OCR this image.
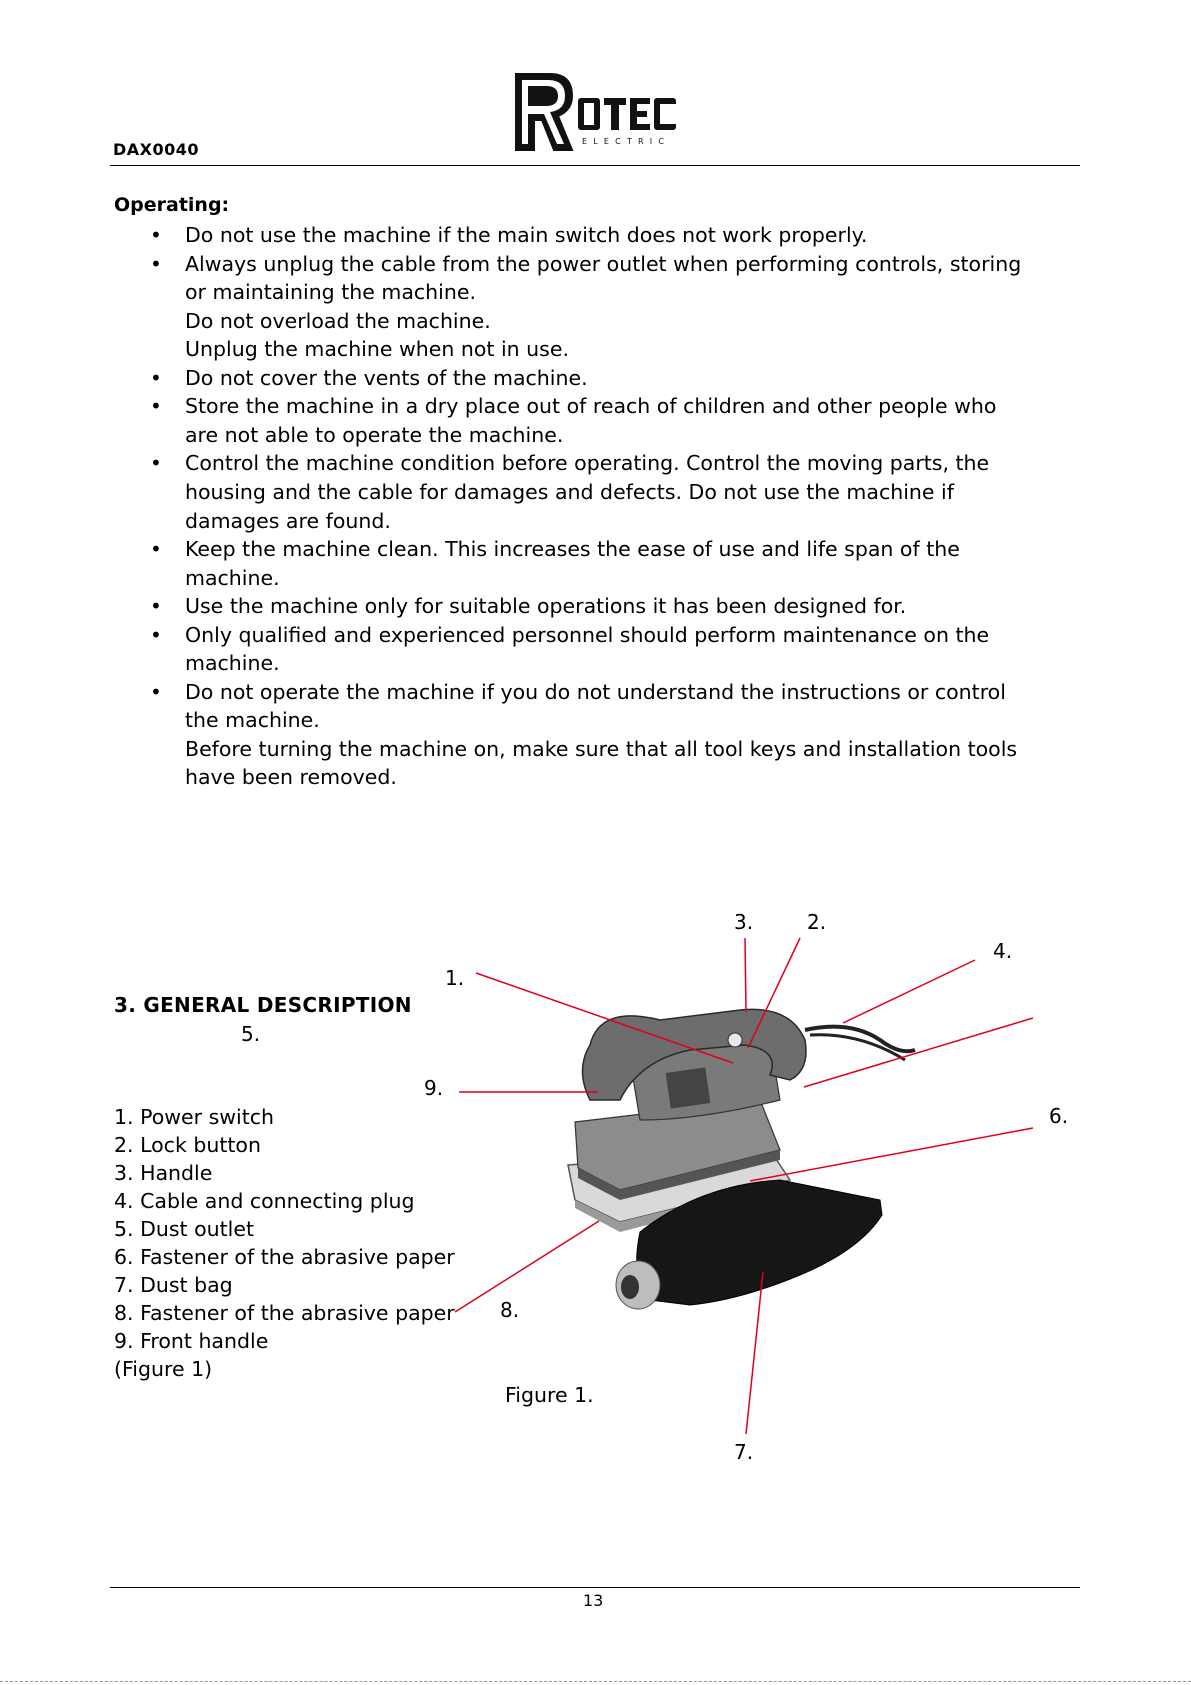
DAX0040	ELECTRIC
Operating:
• Do not use the machine if the main switch does not work properly.
• Always unplug the cable from the power outlet when performing controls, storing
or maintaining the machine.
Do not overload the machine.
Unplug the machine when not in use.
• Do not cover the vents of the machine.
• Store the machine in a dry place out of reach of children and other people who
are not able to operate the machine.
• Control the machine condition before operating. Control the moving parts, the
housing and the cable for damages and defects. Do not use the machine if
damages are found.
• Keep the machine clean. This increases the ease of use and life span of the
machine.
• Use the machine only for suitable operations it has been designed for.
• Only qualified and experienced personnel should perform maintenance on the
machine.
• Do not operate the machine if you do not understand the instructions or control
the machine.
Before turning the machine on, make sure that all tool keys and installation tools
have been removed.
3. GENERAL DESCRIPTION
1.
2.
3.
4.
5.
6.
7.
8.
9.
1. Power switch
2. Lock button
3. Handle
4. Cable and connecting plug
5. Dust outlet
6. Fastener of the abrasive paper
7. Dust bag
8. Fastener of the abrasive paper
9. Front handle
(Figure 1)
Figure 1.
13
